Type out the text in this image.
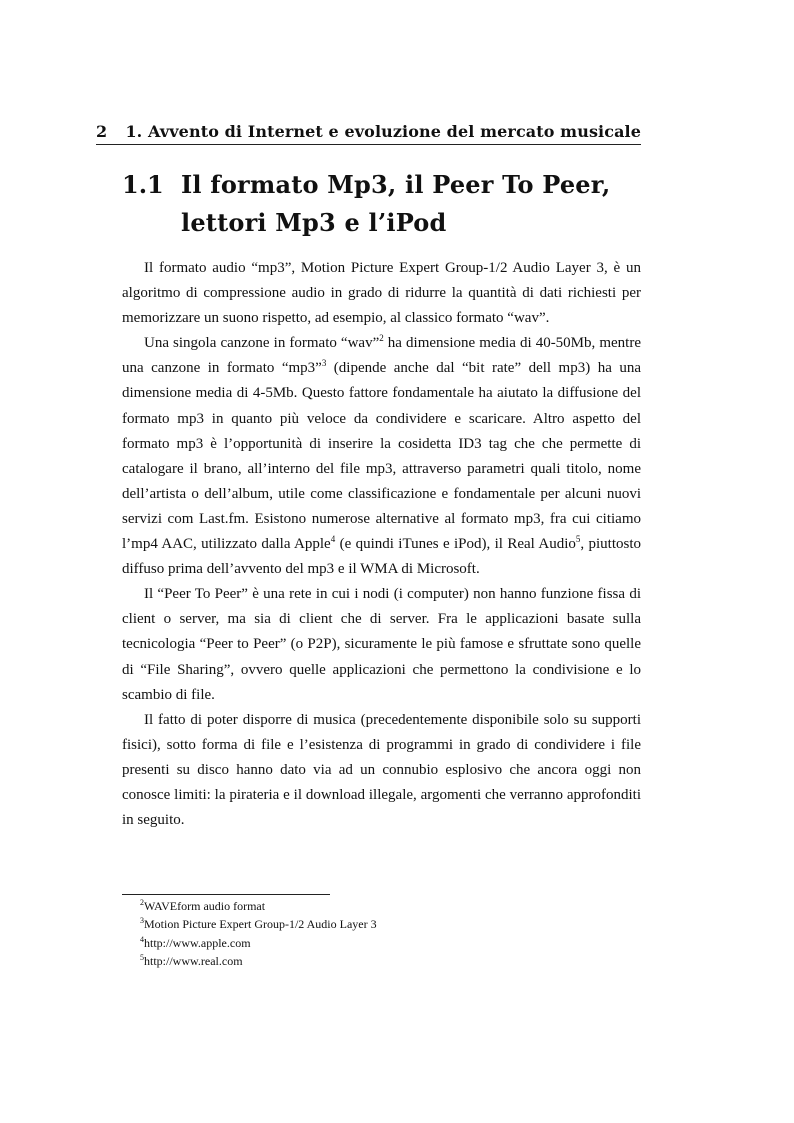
2 1. Avvento di Internet e evoluzione del mercato musicale
1.1 Il formato Mp3, il Peer To Peer, lettori Mp3 e l’iPod

Il formato audio “mp3”, Motion Picture Expert Group-1/2 Audio Layer 3, è un algoritmo di compressione audio in grado di ridurre la quantità di dati richiesti per memorizzare un suono rispetto, ad esempio, al classico formato “wav”.

Una singola canzone in formato “wav”$^2$ ha dimensione media di 40-50Mb, mentre una canzone in formato “mp3”$^3$ (dipende anche dal “bit rate” dell mp3) ha una dimensione media di 4-5Mb. Questo fattore fondamentale ha aiutato la diffusione del formato mp3 in quanto più veloce da condividere e scaricare. Altro aspetto del formato mp3 è l’opportunità di inserire la cosidetta ID3 tag che che permette di catalogare il brano, all’interno del file mp3, attraverso parametri quali titolo, nome dell’artista o dell’album, utile come classificazione e fondamentale per alcuni nuovi servizi com Last.fm. Esistono numerose alternative al formato mp3, fra cui citiamo l’mp4 AAC, utilizzato dalla Apple$^4$ (e quindi iTunes e iPod), il Real Audio$^5$, piuttosto diffuso prima dell’avvento del mp3 e il WMA di Microsoft.

Il “Peer To Peer” è una rete in cui i nodi (i computer) non hanno funzione fissa di client o server, ma sia di client che di server. Fra le applicazioni basate sulla tecnicologia “Peer to Peer” (o P2P), sicuramente le più famose e sfruttate sono quelle di “File Sharing”, ovvero quelle applicazioni che permettono la condivisione e lo scambio di file.

Il fatto di poter disporre di musica (precedentemente disponibile solo su supporti fisici), sotto forma di file e l’esistenza di programmi in grado di condividere i file presenti su disco hanno dato via ad un connubio esplosivo che ancora oggi non conosce limiti: la pirateria e il download illegale, argomenti che verranno approfonditi in seguito.

$^2$WAVEform audio format
$^3$Motion Picture Expert Group-1/2 Audio Layer 3
$^4$http://www.apple.com
$^5$http://www.real.com
